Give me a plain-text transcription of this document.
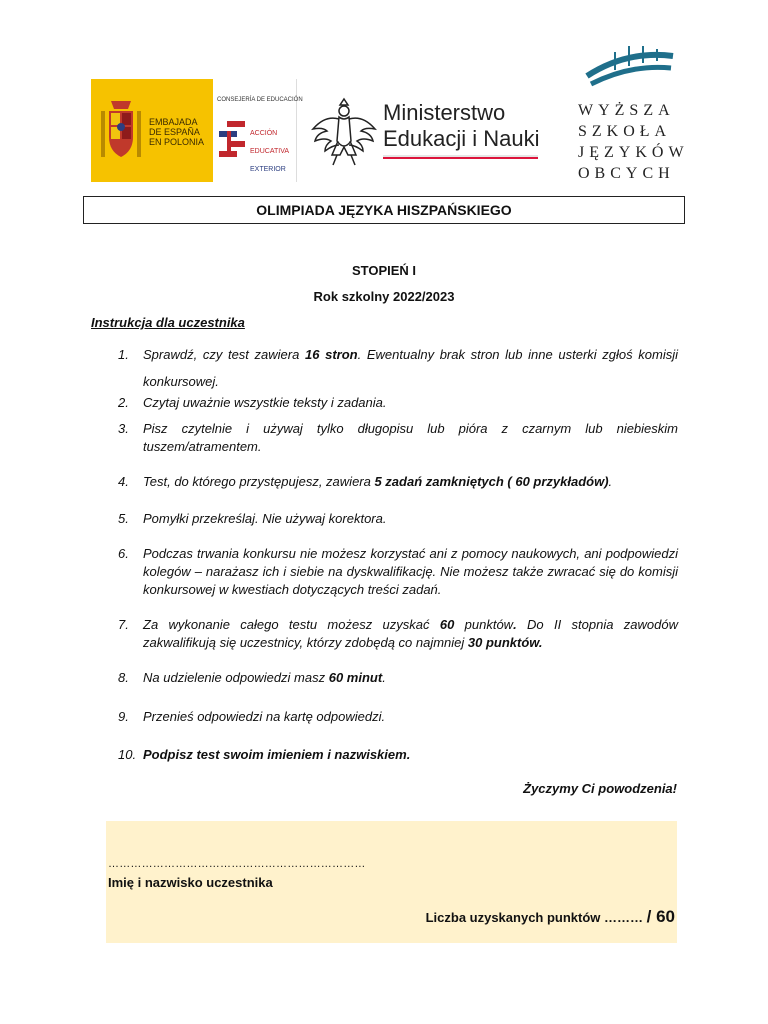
EMBAJADA
DE ESPAÑA
EN POLONIA
CONSEJERÍA DE EDUCACIÓN

ACCIÓN

EDUCATIVA

EXTERIOR

Ministerstwo
Edukacji i Nauki
WYŻSZA
SZKOŁA
JĘZYKÓW
OBCYCH
OLIMPIADA JĘZYKA HISZPAŃSKIEGO
STOPIEŃ I
Rok szkolny 2022/2023
Instrukcja dla uczestnika
1. Sprawdź, czy test zawiera 16 stron. Ewentualny brak stron lub inne usterki zgłoś komisji konkursowej.
2. Czytaj uważnie wszystkie teksty i zadania.
3. Pisz czytelnie i używaj tylko długopisu lub pióra z czarnym lub niebieskim tuszem/atramentem.
4. Test, do którego przystępujesz, zawiera 5 zadań zamkniętych ( 60 przykładów).
5. Pomyłki przekreślaj. Nie używaj korektora.
6. Podczas trwania konkursu nie możesz korzystać ani z pomocy naukowych, ani podpowiedzi kolegów – narażasz ich i siebie na dyskwalifikację. Nie możesz także zwracać się do komisji konkursowej w kwestiach dotyczących treści zadań.
7. Za wykonanie całego testu możesz uzyskać 60 punktów. Do II stopnia zawodów zakwalifikują się uczestnicy, którzy zdobędą co najmniej 30 punktów.
8. Na udzielenie odpowiedzi masz 60 minut.
9. Przenieś odpowiedzi na kartę odpowiedzi.
10. Podpisz test swoim imieniem i nazwiskiem.
Życzymy Ci powodzenia!
……………………………………………………………
Imię i nazwisko uczestnika
Liczba uzyskanych punktów ……… / 60
